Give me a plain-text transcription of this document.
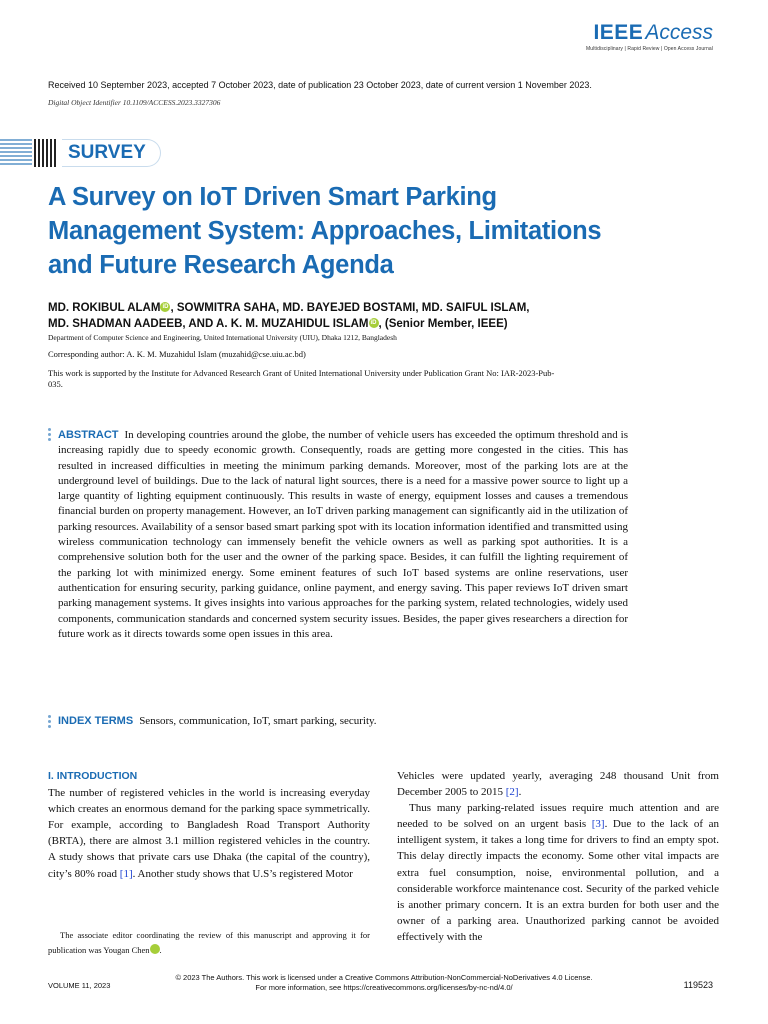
IEEEAccess
Multidisciplinary | Rapid Review | Open Access Journal
Received 10 September 2023, accepted 7 October 2023, date of publication 23 October 2023, date of current version 1 November 2023.
Digital Object Identifier 10.1109/ACCESS.2023.3327306
SURVEY
A Survey on IoT Driven Smart Parking Management System: Approaches, Limitations and Future Research Agenda
MD. ROKIBUL ALAM iD , SOWMITRA SAHA, MD. BAYEJED BOSTAMI, MD. SAIFUL ISLAM,
MD. SHADMAN AADEEB, AND A. K. M. MUZAHIDUL ISLAM iD , (Senior Member, IEEE)
Department of Computer Science and Engineering, United International University (UIU), Dhaka 1212, Bangladesh
Corresponding author: A. K. M. Muzahidul Islam (muzahid@cse.uiu.ac.bd)
This work is supported by the Institute for Advanced Research Grant of United International University under Publication Grant No: IAR-2023-Pub-035.
ABSTRACT In developing countries around the globe, the number of vehicle users has exceeded the optimum threshold and is increasing rapidly due to speedy economic growth. Consequently, roads are getting more congested in the cities. This has resulted in increased difficulties in meeting the minimum parking demands. Moreover, most of the parking lots are at the underground level of buildings. Due to the lack of natural light sources, there is a need for a massive power source to light up a large quantity of lighting equipment continuously. This results in waste of energy, equipment losses and causes a tremendous financial burden on property management. However, an IoT driven parking management can significantly aid in the utilization of parking resources. Availability of a sensor based smart parking spot with its location information identified and transmitted using wireless communication technology can immensely benefit the vehicle owners as well as parking spot authorities. It is a comprehensive solution both for the user and the owner of the parking space. Besides, it can fulfill the lighting requirement of the parking lot with minimized energy. Some eminent features of such IoT based systems are online reservations, user authentication for ensuring security, parking guidance, online payment, and energy saving. This paper reviews IoT driven smart parking management systems. It gives insights into various approaches for the parking system, related technologies, widely used components, communication standards and concerned system security issues. Besides, the paper gives researchers a direction for future work as it directs towards some open issues in this area.
INDEX TERMS Sensors, communication, IoT, smart parking, security.
I. INTRODUCTION

The number of registered vehicles in the world is increasing everyday which creates an enormous demand for the parking space symmetrically. For example, according to Bangladesh Road Transport Authority (BRTA), there are almost 3.1 million registered vehicles in the country. A study shows that private cars use Dhaka (the capital of the country), city’s 80% road [1]. Another study shows that U.S’s registered Motor

Vehicles were updated yearly, averaging 248 thousand Unit from December 2005 to 2015 [2].

Thus many parking-related issues require much attention and are needed to be solved on an urgent basis [3]. Due to the lack of an intelligent system, it takes a long time for drivers to find an empty spot. This delay directly impacts the economy. Some other vital impacts are extra fuel consumption, noise, environmental pollution, and a considerable workforce maintenance cost. Security of the parked vehicle is another primary concern. It is an extra burden for both user and the owner of a parking area. Unauthorized parking cannot be avoided effectively with the

The associate editor coordinating the review of this manuscript and approving it for publication was Yougan Chen iD.

© 2023 The Authors. This work is licensed under a Creative Commons Attribution-NonCommercial-NoDerivatives 4.0 License.
For more information, see https://creativecommons.org/licenses/by-nc-nd/4.0/
VOLUME 11, 2023	119523
